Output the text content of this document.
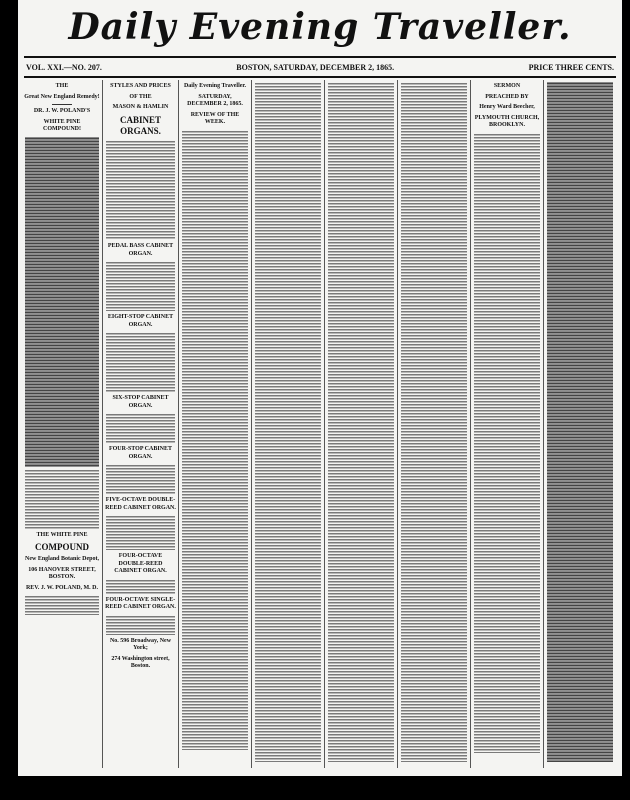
Daily Evening Traveller.
VOL. XXI.—NO. 207.	BOSTON, SATURDAY, DECEMBER 2, 1865.	PRICE THREE CENTS.
THE
Great New England Remedy!
DR. J. W. POLAND'S
WHITE PINE COMPOUND!
THE WHITE PINE
COMPOUND
New England Botanic Depot,
106 HANOVER STREET, BOSTON.
REV. J. W. POLAND, M. D.
STYLES AND PRICES
OF THE
MASON & HAMLIN
CABINET ORGANS.
PEDAL BASS CABINET ORGAN.
EIGHT-STOP CABINET ORGAN.
SIX-STOP CABINET ORGAN.
FOUR-STOP CABINET ORGAN.
FIVE-OCTAVE DOUBLE-REED CABINET ORGAN.
FOUR-OCTAVE DOUBLE-REED CABINET ORGAN.
FOUR-OCTAVE SINGLE-REED CABINET ORGAN.
No. 596 Broadway, New York;
274 Washington street, Boston.
Daily Evening Traveller.
SATURDAY, DECEMBER 2, 1865.
REVIEW OF THE WEEK.
SERMON
PREACHED BY
Henry Ward Beecher,
PLYMOUTH CHURCH, BROOKLYN.
